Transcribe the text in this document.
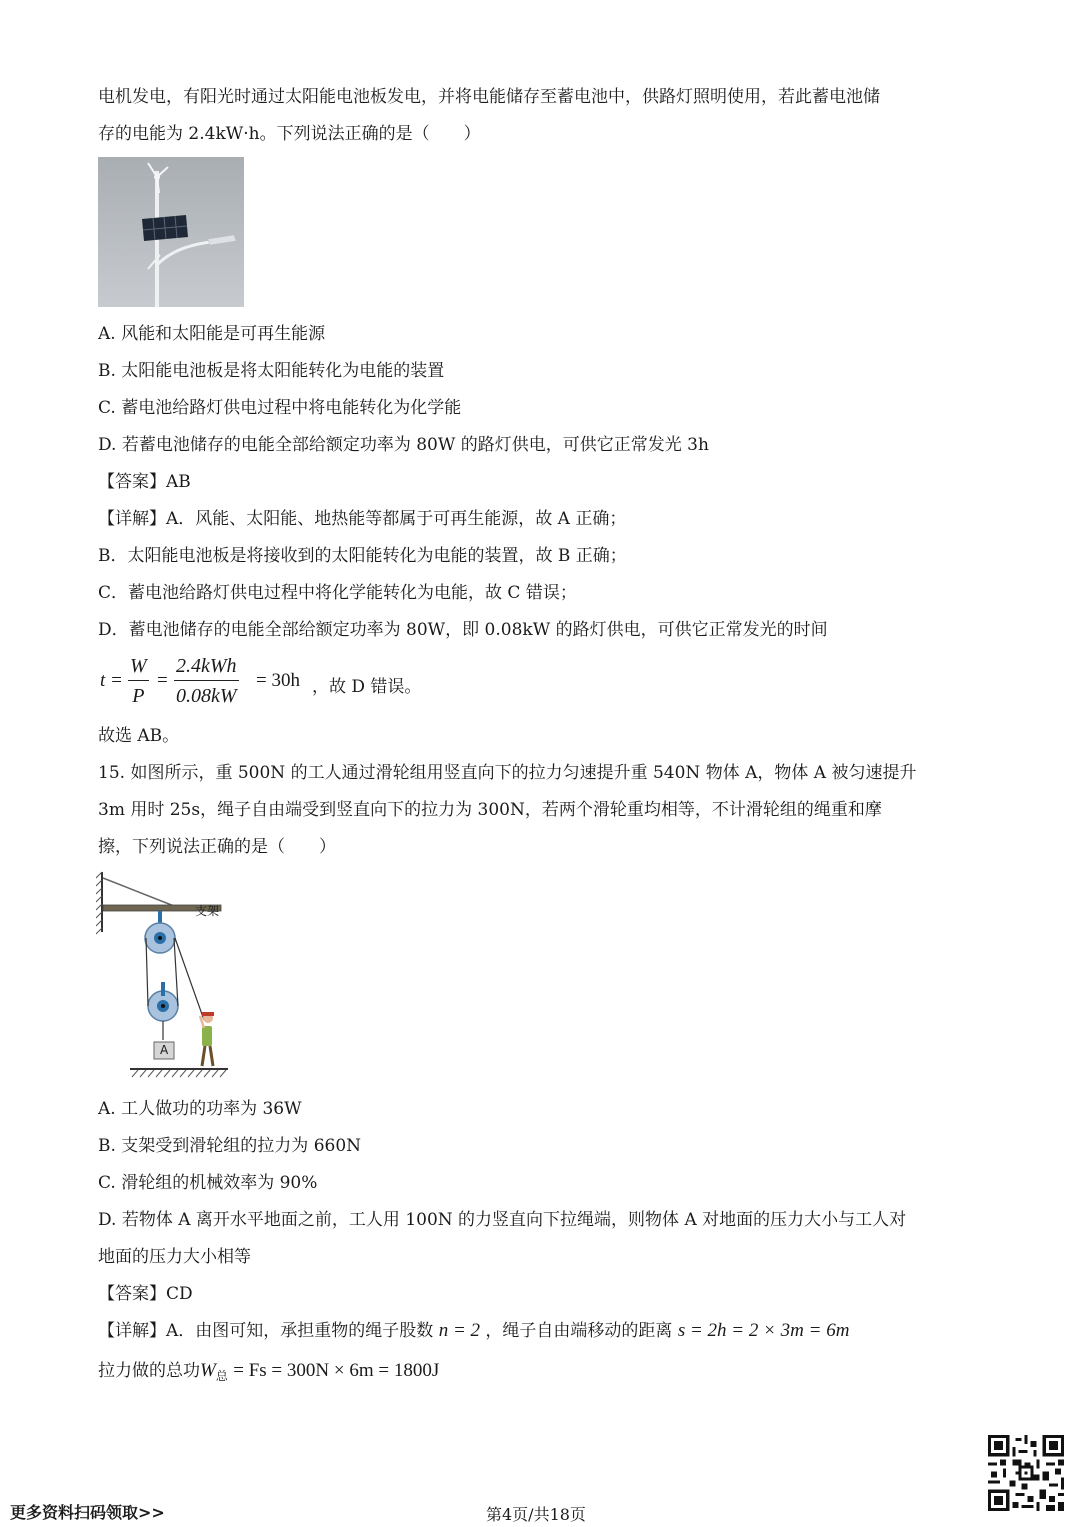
电机发电，有阳光时通过太阳能电池板发电，并将电能储存至蓄电池中，供路灯照明使用，若此蓄电池储
存的电能为 2.4kW·h。下列说法正确的是（　　）
A. 风能和太阳能是可再生能源
B. 太阳能电池板是将太阳能转化为电能的装置
C. 蓄电池给路灯供电过程中将电能转化为化学能
D. 若蓄电池储存的电能全部给额定功率为 80W 的路灯供电，可供它正常发光 3h
【答案】AB
【详解】A．风能、太阳能、地热能等都属于可再生能源，故 A 正确；
B．太阳能电池板是将接收到的太阳能转化为电能的装置，故 B 正确；
C．蓄电池给路灯供电过程中将化学能转化为电能，故 C 错误；
D．蓄电池储存的电能全部给额定功率为 80W，即 0.08kW 的路灯供电，可供它正常发光的时间
$t = \frac{W}{P}$ =
2.4kWh
0.08kW
= 30h ，故 D 错误。
故选 AB。
15. 如图所示，重 500N 的工人通过滑轮组用竖直向下的拉力匀速提升重 540N 物体 A，物体 A 被匀速提升
3m 用时 25s，绳子自由端受到竖直向下的拉力为 300N，若两个滑轮重均相等，不计滑轮组的绳重和摩
擦，下列说法正确的是（　　）
支架
A
A. 工人做功的功率为 36W
B. 支架受到滑轮组的拉力为 660N
C. 滑轮组的机械效率为 90%
D. 若物体 A 离开水平地面之前，工人用 100N 的力竖直向下拉绳端，则物体 A 对地面的压力大小与工人对
地面的压力大小相等
【答案】CD
【详解】A．由图可知，承担重物的绳子股数 n = 2 ，绳子自由端移动的距离 s = 2h = 2 × 3m = 6m
拉力做的总功$W_总 = Fs = 300N \times 6m = 1800J$
更多资料扫码领取>>	第4页/共18页
